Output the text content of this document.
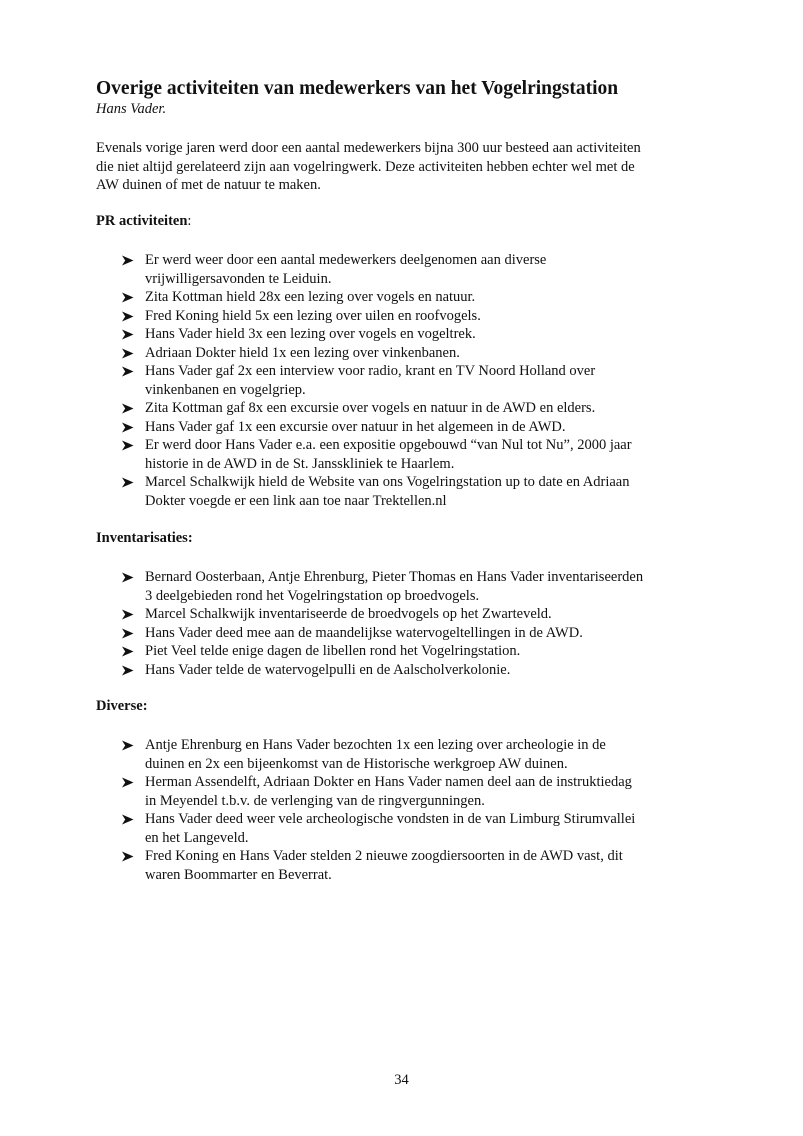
Overige activiteiten van medewerkers van het Vogelringstation
Hans Vader.
Evenals vorige jaren werd door een aantal medewerkers bijna 300 uur besteed aan activiteiten
die niet altijd gerelateerd zijn aan vogelringwerk. Deze activiteiten hebben echter wel met de
AW duinen of met de natuur te maken.
PR activiteiten:
Er werd weer door een aantal medewerkers deelgenomen aan diverse
vrijwilligersavonden te Leiduin.
Zita Kottman hield 28x een lezing over vogels en natuur.
Fred Koning hield 5x een lezing over uilen en roofvogels.
Hans Vader hield 3x een lezing over vogels en vogeltrek.
Adriaan Dokter hield 1x een lezing over vinkenbanen.
Hans Vader gaf 2x een interview voor radio, krant en TV Noord Holland over
vinkenbanen en vogelgriep.
Zita Kottman gaf 8x een excursie over vogels en natuur in de AWD en elders.
Hans Vader gaf 1x een excursie over natuur in het algemeen in de AWD.
Er werd door Hans Vader e.a. een expositie opgebouwd “van Nul tot Nu”, 2000 jaar
historie in de AWD in de St. Jansskliniek te Haarlem.
Marcel Schalkwijk hield de Website van ons Vogelringstation up to date en Adriaan
Dokter voegde er een link aan toe naar Trektellen.nl
Inventarisaties:
Bernard Oosterbaan, Antje Ehrenburg, Pieter Thomas en Hans Vader inventariseerden
3 deelgebieden rond het Vogelringstation op broedvogels.
Marcel Schalkwijk inventariseerde de broedvogels op het Zwarteveld.
Hans Vader deed mee aan de maandelijkse watervogeltellingen in de AWD.
Piet Veel telde enige dagen de libellen rond het Vogelringstation.
Hans Vader telde de watervogelpulli en de Aalscholverkolonie.
Diverse:
Antje Ehrenburg en Hans Vader bezochten 1x een lezing over archeologie in de
duinen en 2x een bijeenkomst van de Historische werkgroep AW duinen.
Herman Assendelft, Adriaan Dokter en Hans Vader namen deel aan de instruktiedag
in Meyendel t.b.v. de verlenging van de ringvergunningen.
Hans Vader deed weer vele archeologische vondsten in de van Limburg Stirumvallei
en het Langeveld.
Fred Koning en Hans Vader stelden 2 nieuwe zoogdiersoorten in de AWD vast, dit
waren Boommarter en Beverrat.
34
